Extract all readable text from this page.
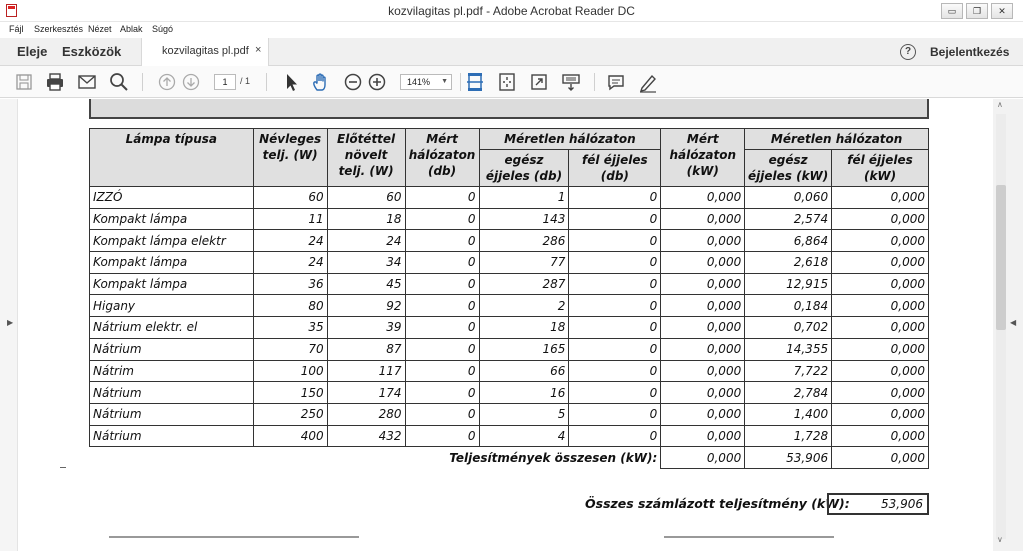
kozvilagitas pl.pdf - Adobe Acrobat Reader DC	▭	❐	✕
Fájl Szerkesztés Nézet Ablak Súgó
Eleje Eszközök	kozvilagitas pl.pdf ×	?	Bejelentkezés
1	/ 1	141% ▼
▶
Lámpa típusa	Névleges telj. (W)	Előtéttel növelt telj. (W)	Mért hálózaton (db)	Méretlen hálózaton		Mért hálózaton (kW)	Méretlen hálózaton	
				egész éjjeles (db)	fél éjjeles (db)		egész éjjeles (kW)	fél éjjeles (kW)
IZZÓ	60	60	0	1	0	0,000	0,060	0,000
Kompakt lámpa	11	18	0	143	0	0,000	2,574	0,000
Kompakt lámpa elektr	24	24	0	286	0	0,000	6,864	0,000
Kompakt lámpa	24	34	0	77	0	0,000	2,618	0,000
Kompakt lámpa	36	45	0	287	0	0,000	12,915	0,000
Higany	80	92	0	2	0	0,000	0,184	0,000
Nátrium elektr. el	35	39	0	18	0	0,000	0,702	0,000
Nátrium	70	87	0	165	0	0,000	14,355	0,000
Nátrim	100	117	0	66	0	0,000	7,722	0,000
Nátrium	150	174	0	16	0	0,000	2,784	0,000
Nátrium	250	280	0	5	0	0,000	1,400	0,000
Nátrium	400	432	0	4	0	0,000	1,728	0,000
Teljesítmények összesen (kW):						0,000	53,906	0,000
Összes számlázott teljesítmény (kW):	53,906
∧
∨
◀
